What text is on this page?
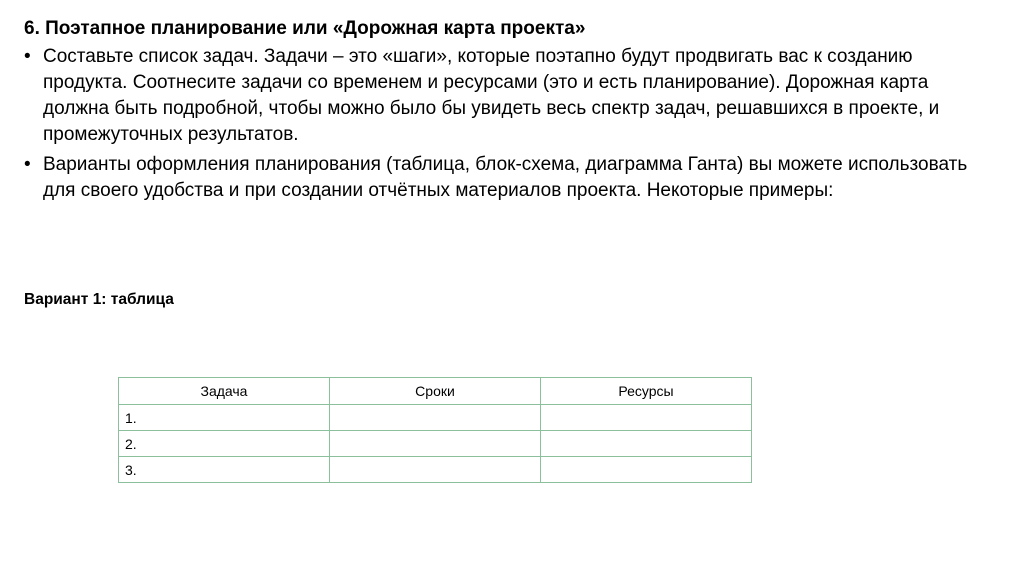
6. Поэтапное планирование или «Дорожная карта проекта»
• Составьте список задач. Задачи – это «шаги», которые поэтапно будут продвигать вас к созданию продукта. Соотнесите задачи со временем и ресурсами (это и есть планирование). Дорожная карта должна быть подробной, чтобы можно было бы увидеть весь спектр задач, решавшихся в проекте, и промежуточных результатов.
• Варианты оформления планирования (таблица, блок-схема, диаграмма Ганта) вы можете использовать для своего удобства и при создании отчётных материалов проекта. Некоторые примеры:
Вариант 1: таблица
Задача	Сроки	Ресурсы
1.		
2.		
3.		
